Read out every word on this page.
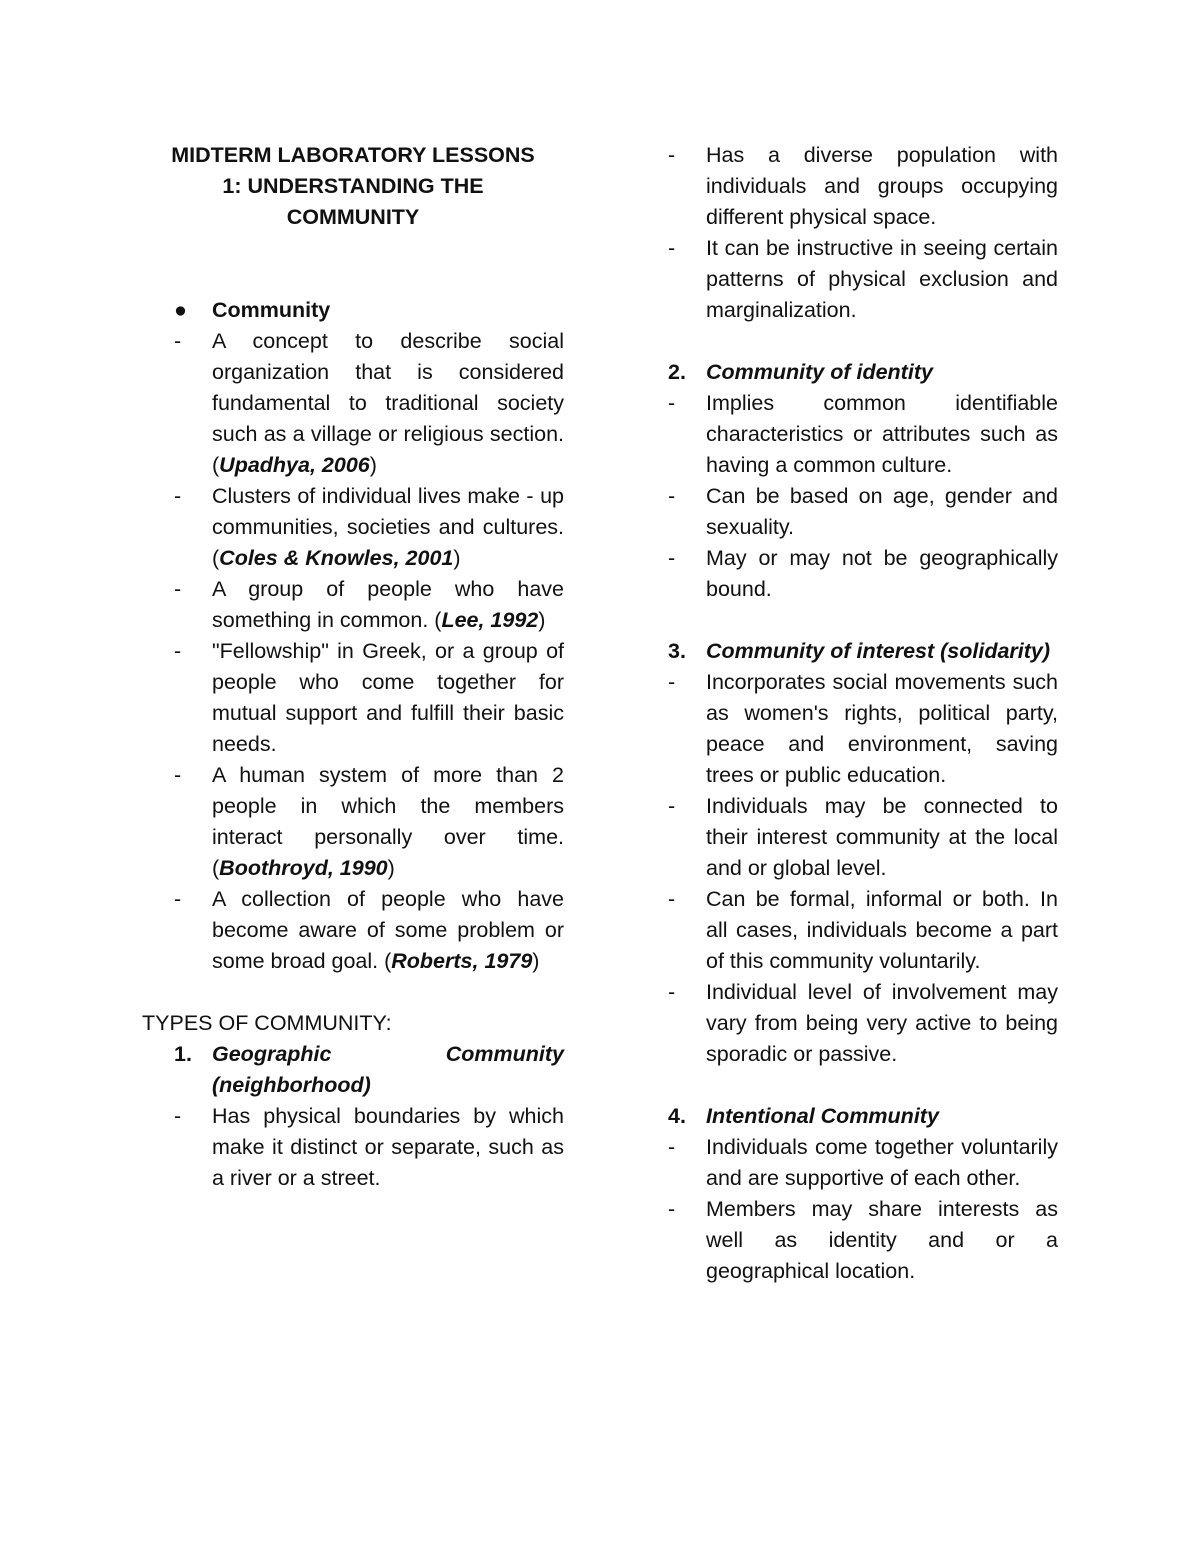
MIDTERM LABORATORY LESSONS
1: UNDERSTANDING THE
COMMUNITY
● Community
- A concept to describe social organization that is considered fundamental to traditional society such as a village or religious section. (Upadhya, 2006)
- Clusters of individual lives make - up communities, societies and cultures. (Coles & Knowles, 2001)
- A group of people who have something in common. (Lee, 1992)
- "Fellowship" in Greek, or a group of people who come together for mutual support and fulfill their basic needs.
- A human system of more than 2 people in which the members interact personally over time. (Boothroyd, 1990)
- A collection of people who have become aware of some problem or some broad goal. (Roberts, 1979)
TYPES OF COMMUNITY:
1. Geographic Community (neighborhood)
- Has physical boundaries by which make it distinct or separate, such as a river or a street.
- Has a diverse population with individuals and groups occupying different physical space.
- It can be instructive in seeing certain patterns of physical exclusion and marginalization.
2. Community of identity
- Implies common identifiable characteristics or attributes such as having a common culture.
- Can be based on age, gender and sexuality.
- May or may not be geographically bound.
3. Community of interest (solidarity)
- Incorporates social movements such as women's rights, political party, peace and environment, saving trees or public education.
- Individuals may be connected to their interest community at the local and or global level.
- Can be formal, informal or both. In all cases, individuals become a part of this community voluntarily.
- Individual level of involvement may vary from being very active to being sporadic or passive.
4. Intentional Community
- Individuals come together voluntarily and are supportive of each other.
- Members may share interests as well as identity and or a geographical location.
